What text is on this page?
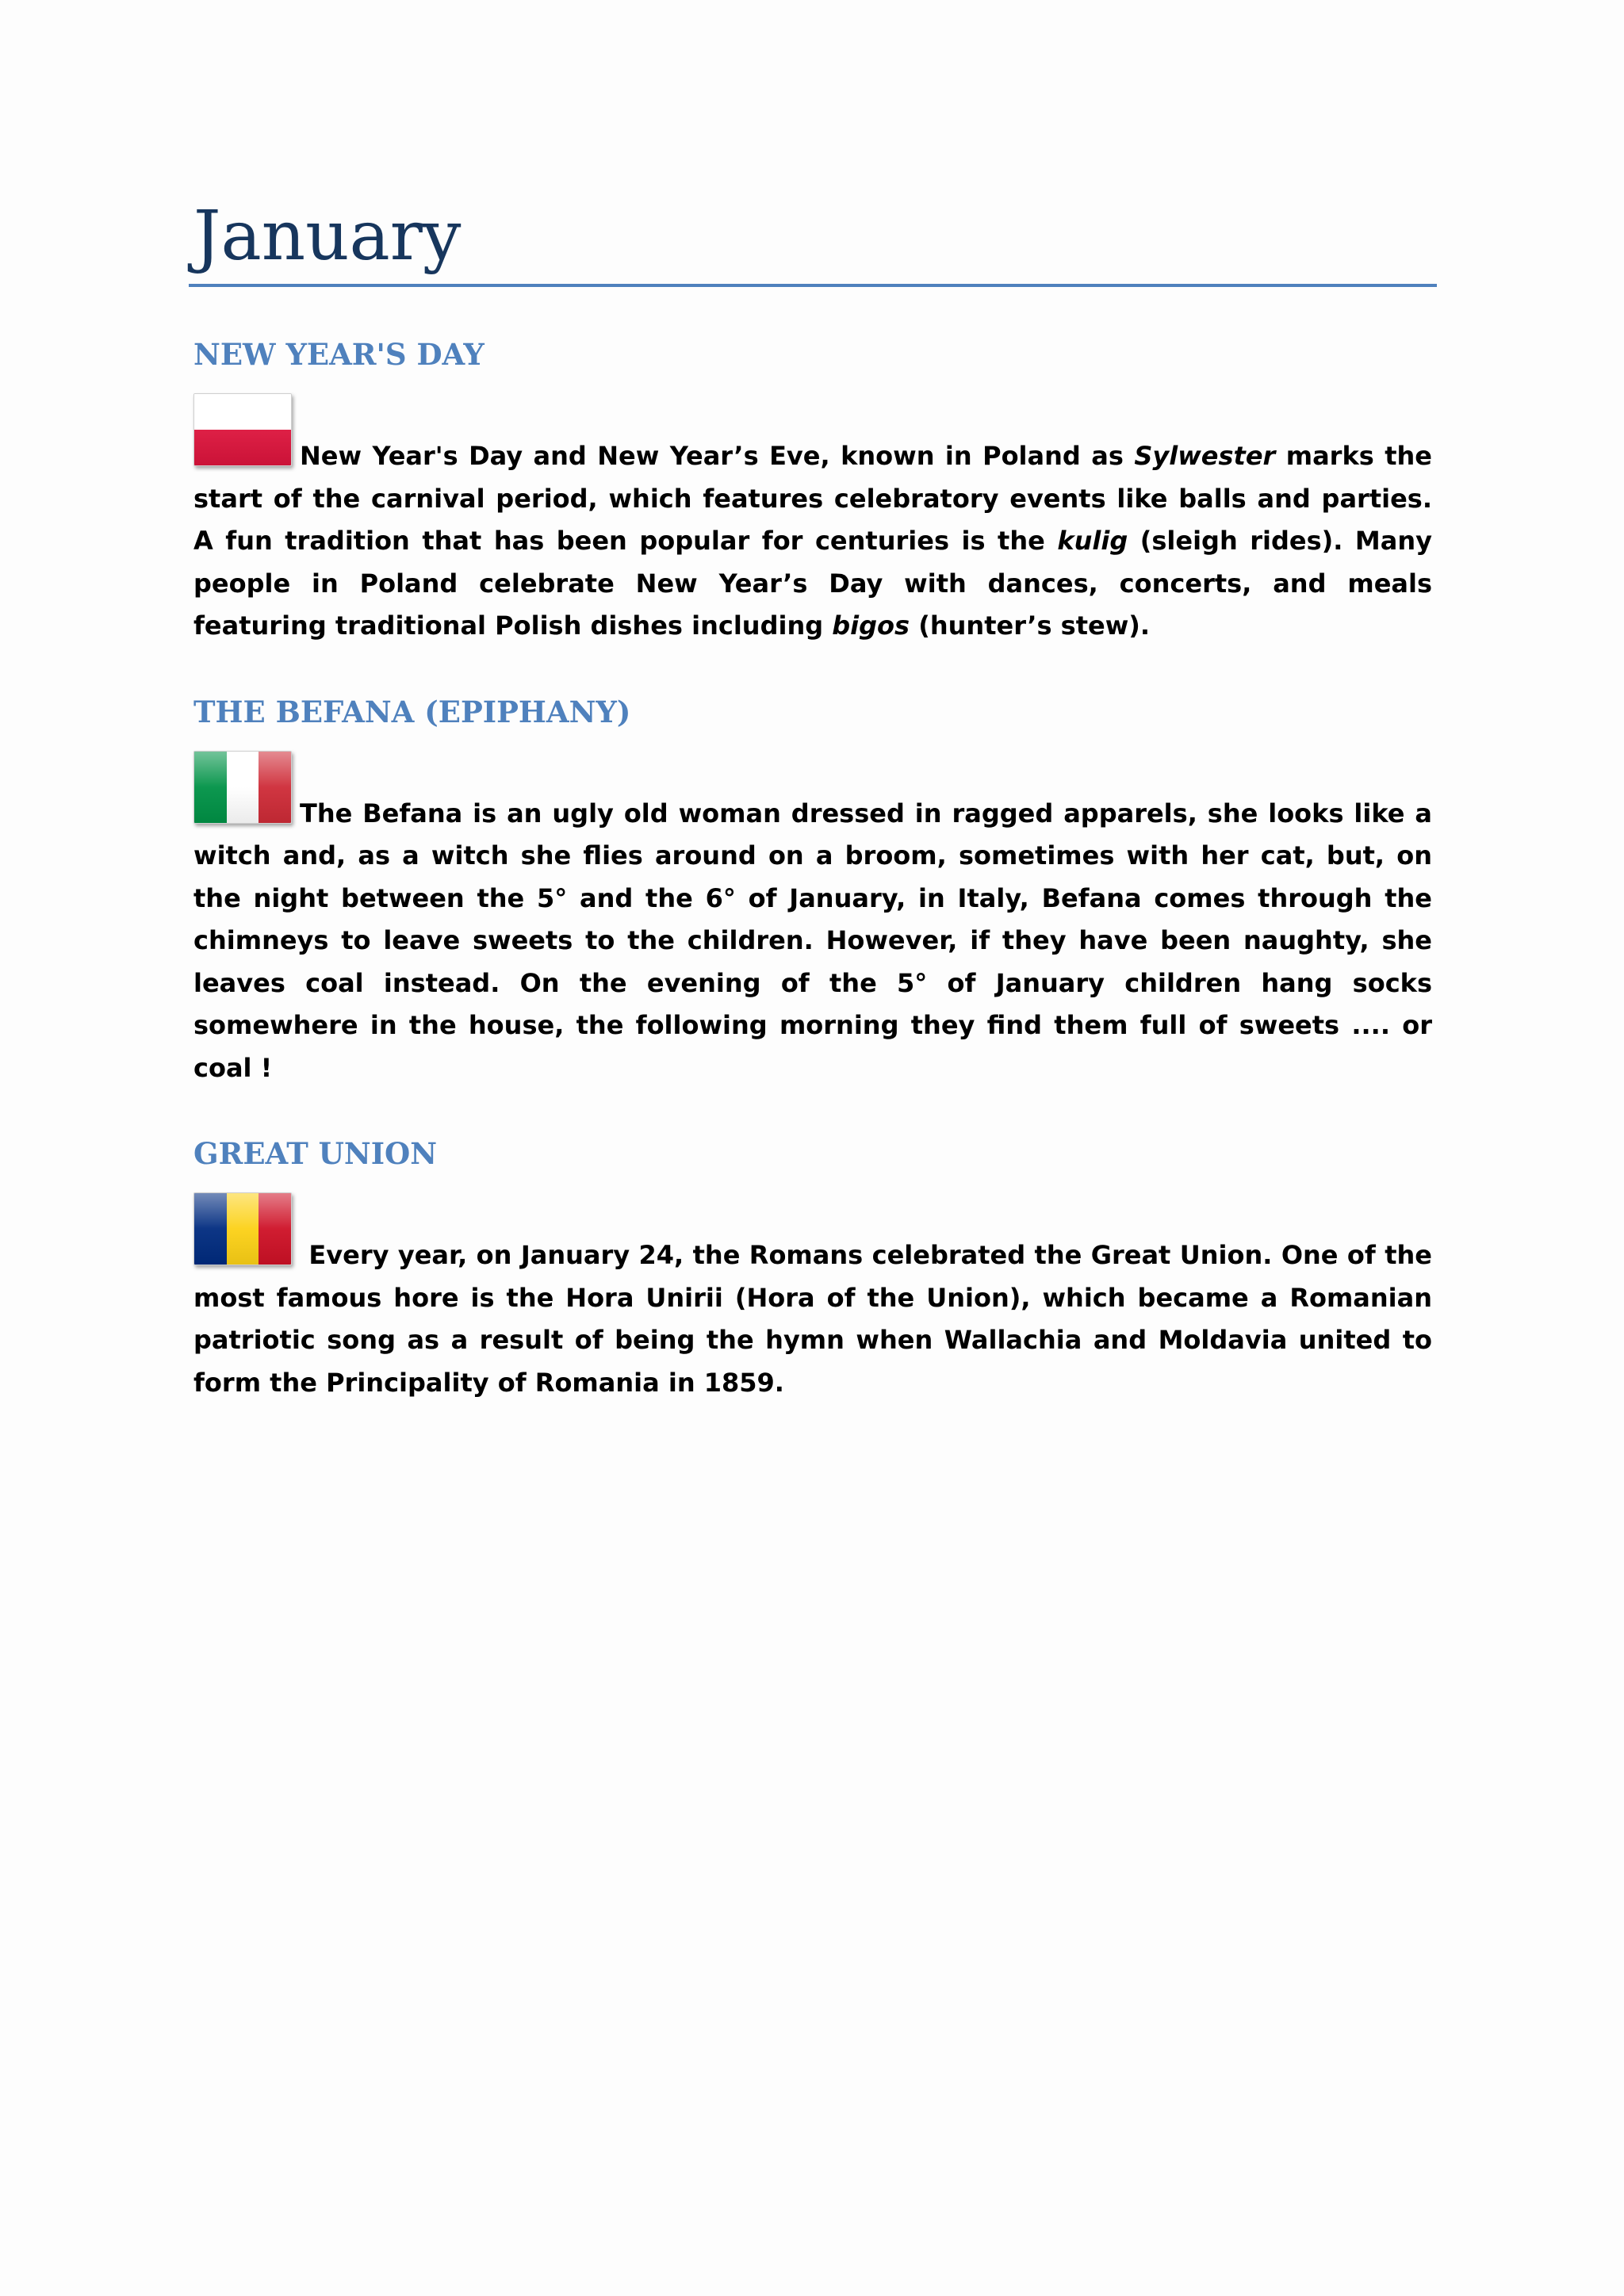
January
NEW YEAR'S DAY
New Year's Day and New Year’s Eve, known in Poland as Sylwester marks the start of the carnival period, which features celebratory events like balls and parties. A fun tradition that has been popular for centuries is the kulig (sleigh rides). Many people in Poland celebrate New Year’s Day with dances, concerts, and meals featuring traditional Polish dishes including bigos (hunter’s stew).
THE BEFANA (EPIPHANY)
The Befana is an ugly old woman dressed in ragged apparels, she looks like a witch and, as a witch she flies around on a broom, sometimes with her cat, but, on the night between the 5° and the 6° of January, in Italy, Befana comes through the chimneys to leave sweets to the children. However, if they have been naughty, she leaves coal instead. On the evening of the 5° of January children hang socks somewhere in the house, the following morning they find them full of sweets .... or coal !
GREAT UNION
Every year, on January 24, the Romans celebrated the Great Union. One of the most famous hore is the Hora Unirii (Hora of the Union), which became a Romanian patriotic song as a result of being the hymn when Wallachia and Moldavia united to form the Principality of Romania in 1859.
